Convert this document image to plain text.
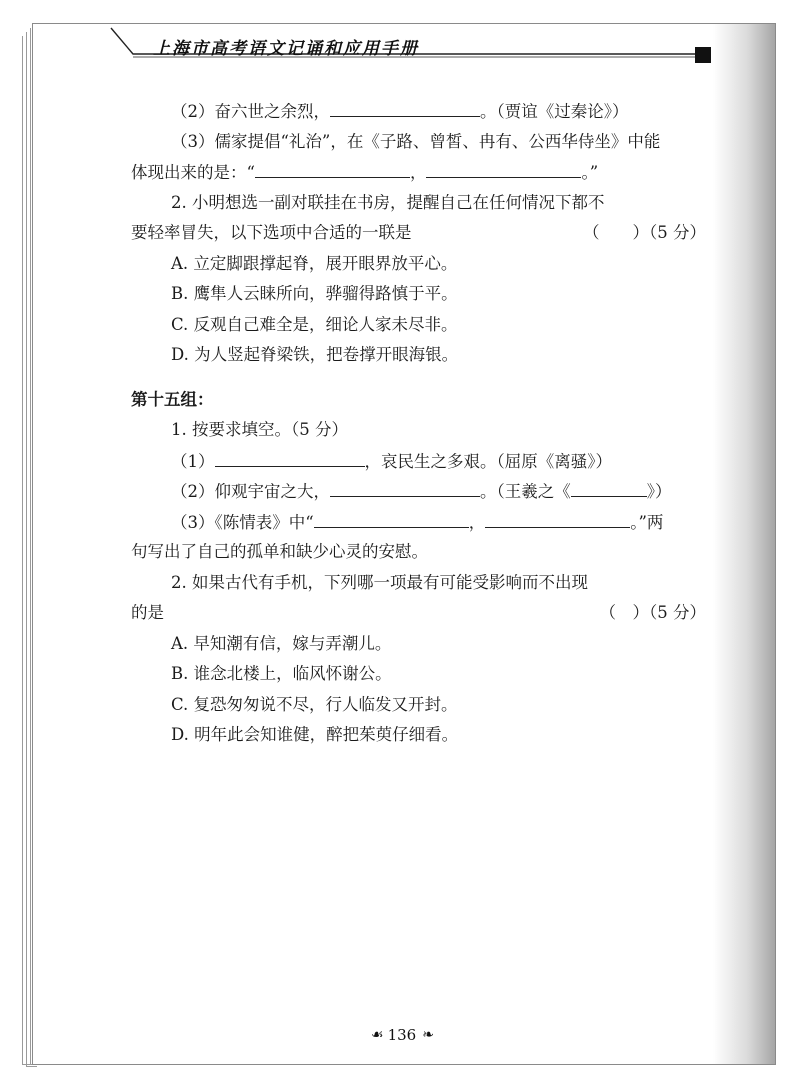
上海市高考语文记诵和应用手册
（2）奋六世之余烈，	。（贾谊《过秦论》）
（3）儒家提倡“礼治”，在《子路、曾皙、冉有、公西华侍坐》中能
体现出来的是：“	，	。”
2. 小明想选一副对联挂在书房，提醒自己在任何情况下都不
要轻率冒失，以下选项中合适的一联是	（　　）（5 分）
A. 立定脚跟撑起脊，展开眼界放平心。
B. 鹰隼人云睐所向，骅骝得路慎于平。
C. 反观自己难全是，细论人家未尽非。
D. 为人竖起脊梁铁，把卷撑开眼海银。
第十五组：
1. 按要求填空。（5 分）
（1）	，哀民生之多艰。（屈原《离骚》）
（2）仰观宇宙之大，	。（王羲之《	》）
（3）《陈情表》中“	，	。”两
句写出了自己的孤单和缺少心灵的安慰。
2. 如果古代有手机，下列哪一项最有可能受影响而不出现
的是	（　）（5 分）
A. 早知潮有信，嫁与弄潮儿。
B. 谁念北楼上，临风怀谢公。
C. 复恐匆匆说不尽，行人临发又开封。
D. 明年此会知谁健，醉把茱萸仔细看。
☙ 136 ❧
